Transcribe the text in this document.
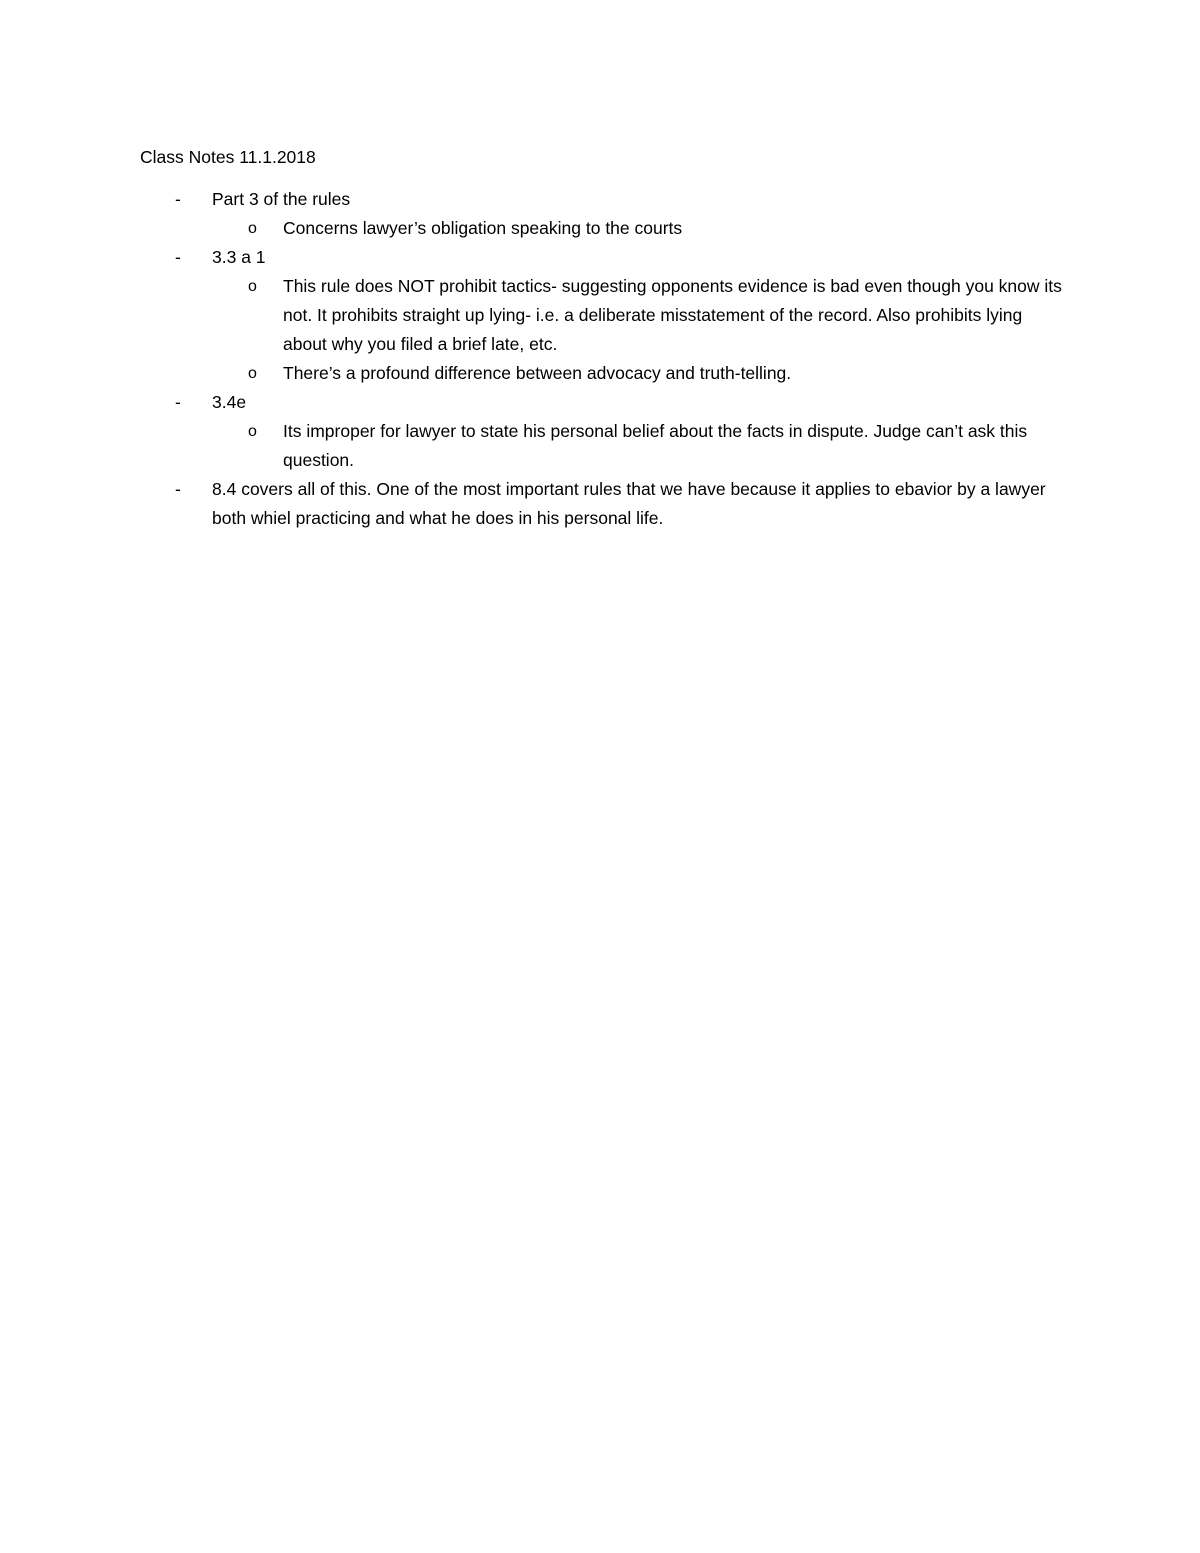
Class Notes 11.1.2018
-	Part 3 of the rules
o	Concerns lawyer’s obligation speaking to the courts
-	3.3 a 1
o	This rule does NOT prohibit tactics- suggesting opponents evidence is bad even though you know its not. It prohibits straight up lying- i.e. a deliberate misstatement of the record. Also prohibits lying about why you filed a brief late, etc.
o	There’s a profound difference between advocacy and truth-telling.
-	3.4e
o	Its improper for lawyer to state his personal belief about the facts in dispute. Judge can’t ask this question.
-	8.4 covers all of this. One of the most important rules that we have because it applies to ebavior by a lawyer both whiel practicing and what he does in his personal life.
